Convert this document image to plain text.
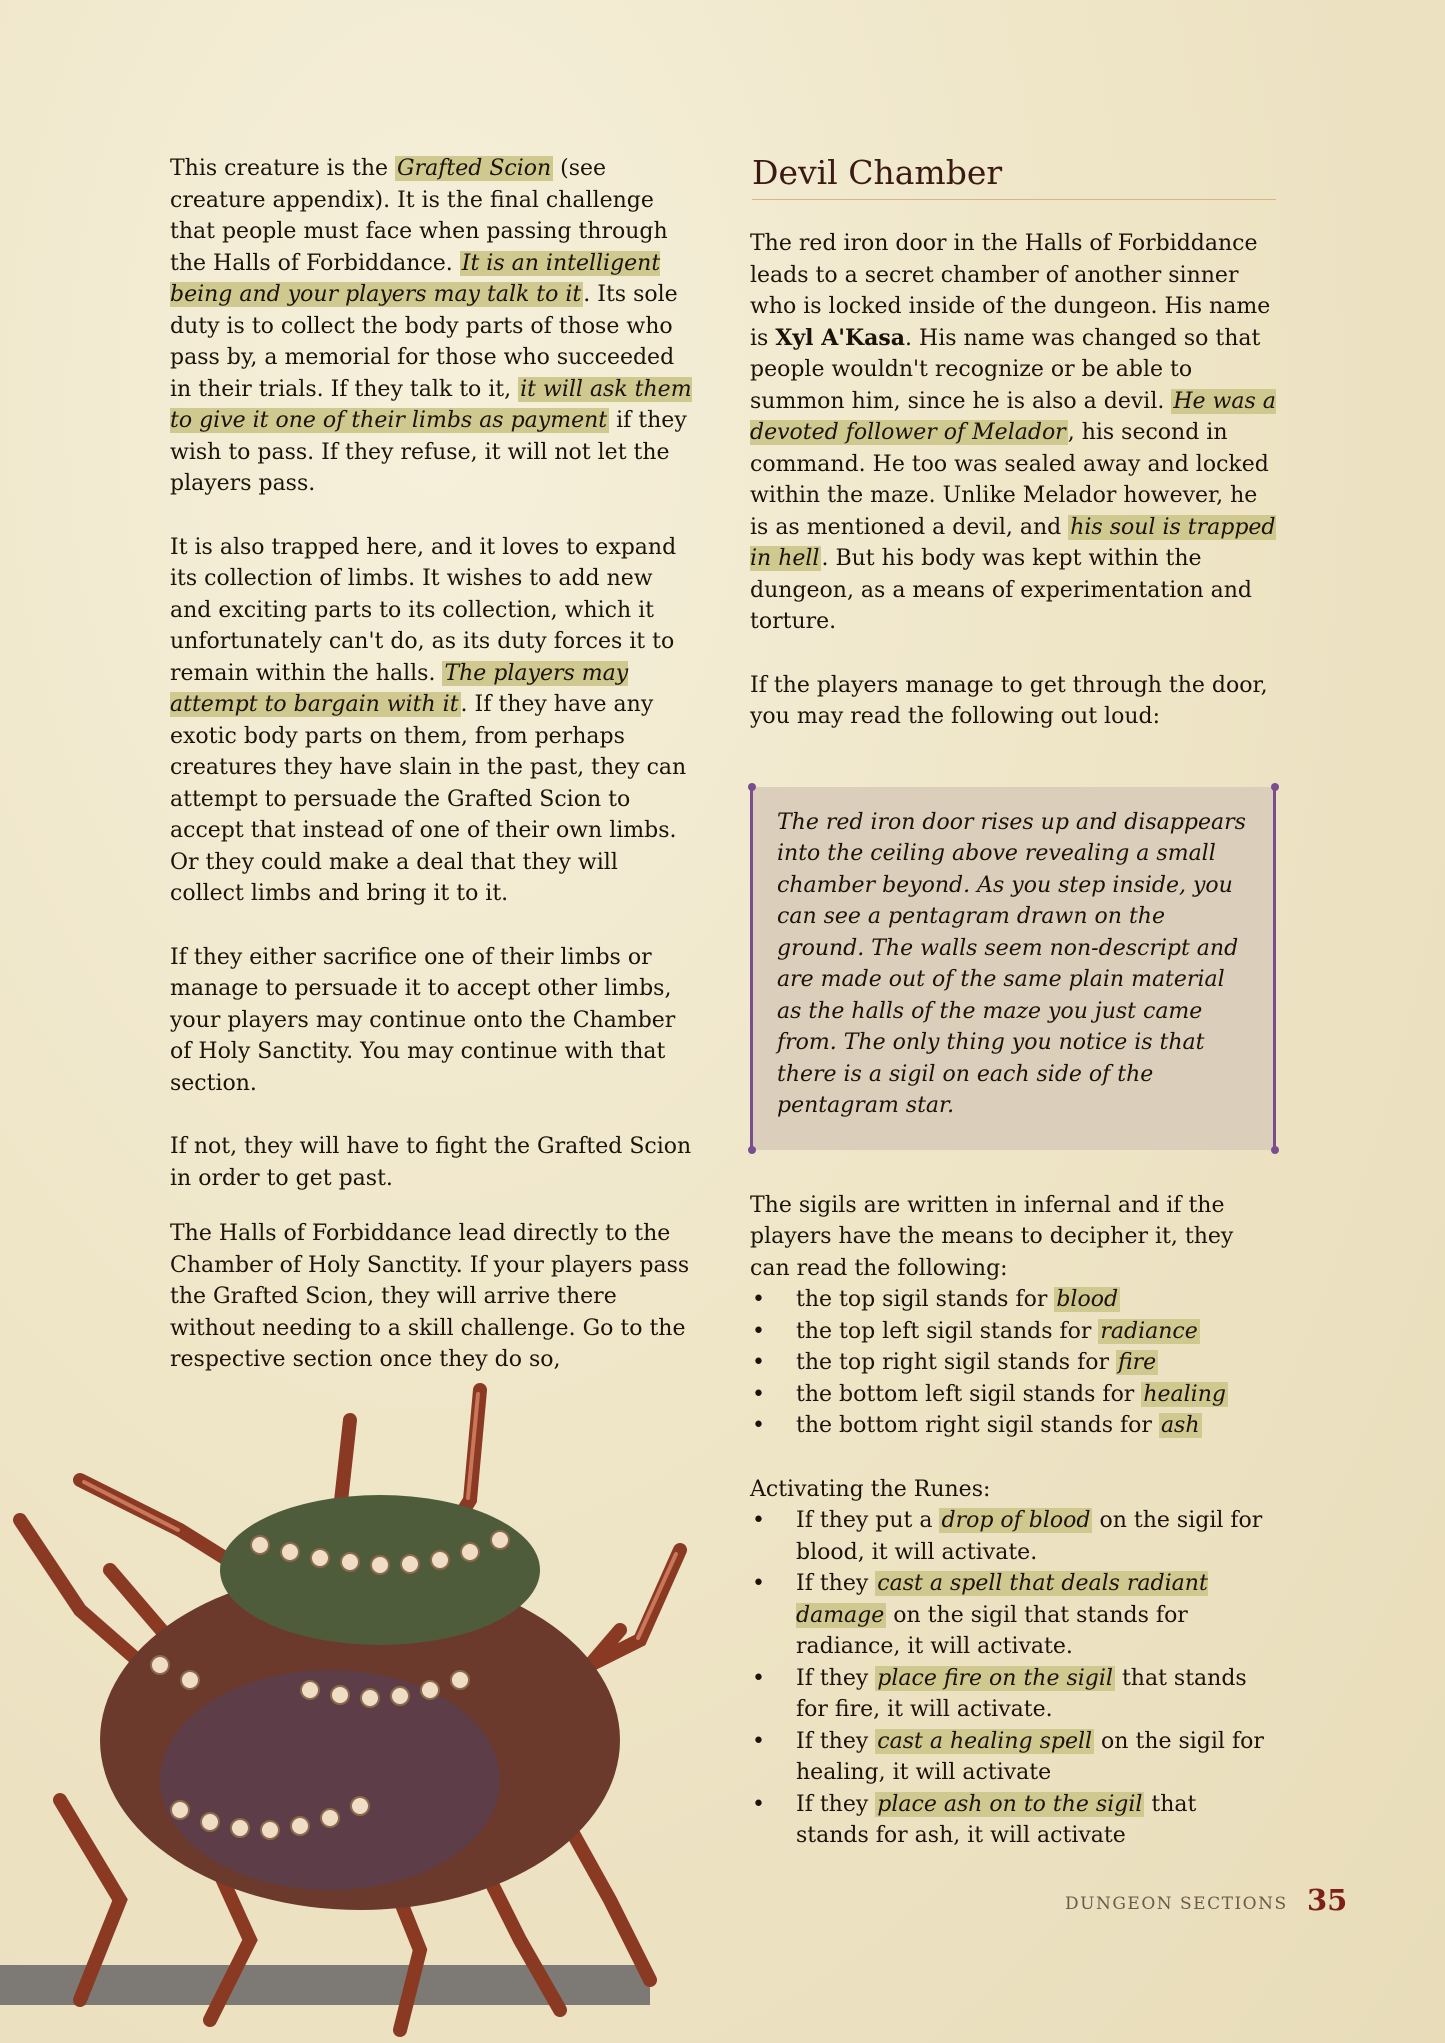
This creature is the Grafted Scion (see creature appendix). It is the final challenge that people must face when passing through the Halls of Forbiddance. It is an intelligent being and your players may talk to it. Its sole duty is to collect the body parts of those who pass by, a memorial for those who succeeded in their trials. If they talk to it, it will ask them to give it one of their limbs as payment if they wish to pass. If they refuse, it will not let the players pass.

It is also trapped here, and it loves to expand its collection of limbs. It wishes to add new and exciting parts to its collection, which it unfortunately can't do, as its duty forces it to remain within the halls. The players may attempt to bargain with it. If they have any exotic body parts on them, from perhaps creatures they have slain in the past, they can attempt to persuade the Grafted Scion to accept that instead of one of their own limbs. Or they could make a deal that they will collect limbs and bring it to it.

If they either sacrifice one of their limbs or manage to persuade it to accept other limbs, your players may continue onto the Chamber of Holy Sanctity. You may continue with that section.

If not, they will have to fight the Grafted Scion in order to get past.

The Halls of Forbiddance lead directly to the Chamber of Holy Sanctity. If your players pass the Grafted Scion, they will arrive there without needing to a skill challenge. Go to the respective section once they do so,

Devil Chamber

The red iron door in the Halls of Forbiddance leads to a secret chamber of another sinner who is locked inside of the dungeon. His name is Xyl A'Kasa. His name was changed so that people wouldn't recognize or be able to summon him, since he is also a devil. He was a devoted follower of Melador, his second in command. He too was sealed away and locked within the maze. Unlike Melador however, he is as mentioned a devil, and his soul is trapped in hell. But his body was kept within the dungeon, as a means of experimentation and torture.

If the players manage to get through the door, you may read the following out loud:

The red iron door rises up and disappears into the ceiling above revealing a small chamber beyond. As you step inside, you can see a pentagram drawn on the ground. The walls seem non-descript and are made out of the same plain material as the halls of the maze you just came from. The only thing you notice is that there is a sigil on each side of the pentagram star.

The sigils are written in infernal and if the players have the means to decipher it, they can read the following:

• the top sigil stands for blood
• the top left sigil stands for radiance
• the top right sigil stands for fire
• the bottom left sigil stands for healing
• the bottom right sigil stands for ash

Activating the Runes:

• If they put a drop of blood on the sigil for blood, it will activate.
• If they cast a spell that deals radiant damage on the sigil that stands for radiance, it will activate.
• If they place fire on the sigil that stands for fire, it will activate.
• If they cast a healing spell on the sigil for healing, it will activate
• If they place ash on to the sigil that stands for ash, it will activate
DUNGEON SECTIONS 35
